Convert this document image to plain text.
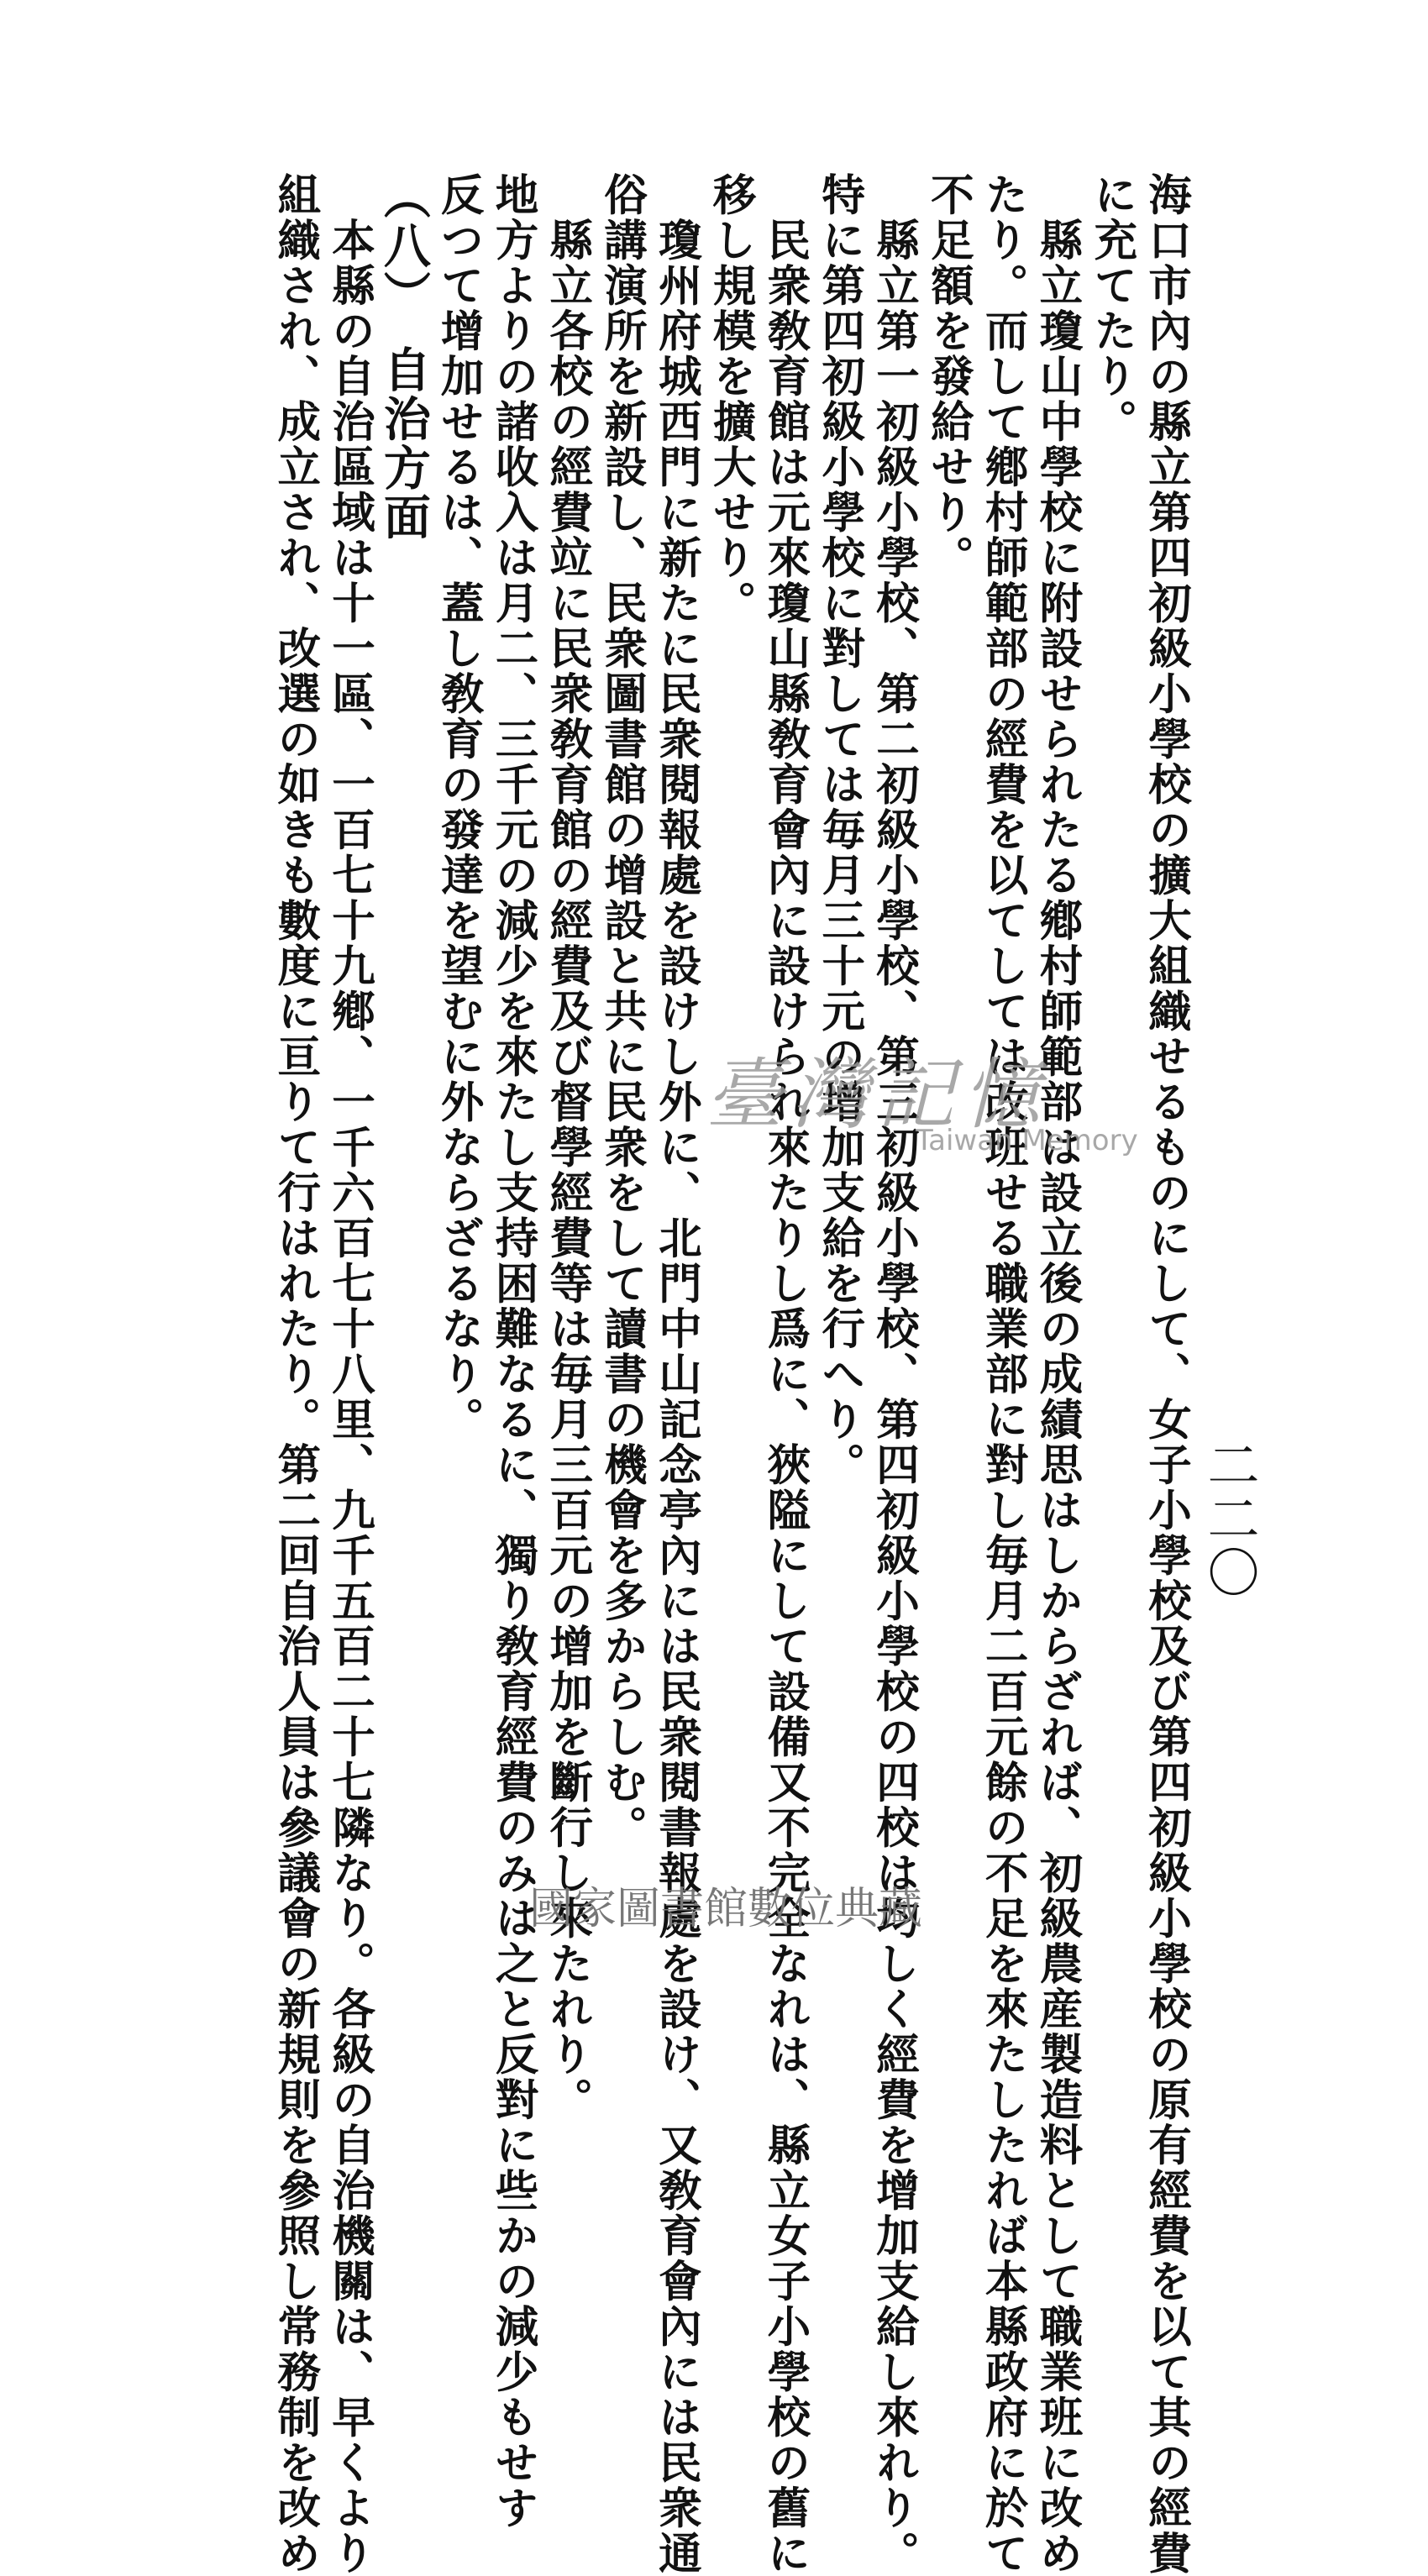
二二〇

海口市內の縣立第四初級小學校の擴大組織せるものにして、女子小學校及び第四初級小學校の原有經費を以て其の經費

に充てたり。

　縣立瓊山中學校に附設せられたる鄕村師範部は設立後の成績思はしからざれば、初級農産製造料として職業班に改め

たり。而して鄕村師範部の經費を以てしては改班せる職業部に對し毎月二百元餘の不足を來たしたれば本縣政府に於て

不足額を發給せり。

　縣立第一初級小學校、第二初級小學校、第三初級小學校、第四初級小學校の四校は均しく經費を增加支給し來れり。

特に第四初級小學校に對しては毎月三十元の增加支給を行へり。

　民衆敎育館は元來瓊山縣敎育會內に設けられ來たりし爲に、狹隘にして設備又不完全なれは、縣立女子小學校の舊に

移し規模を擴大せり。

　瓊州府城西門に新たに民衆閱報處を設けし外に、北門中山記念亭內には民衆閱書報處を設け、又敎育會內には民衆通

俗講演所を新設し、民衆圖書館の增設と共に民衆をして讀書の機會を多からしむ。

　縣立各校の經費竝に民衆敎育館の經費及び督學經費等は毎月三百元の增加を斷行し來たれり。

地方よりの諸收入は月二、三千元の減少を來たし支持困難なるに、獨り敎育經費のみは之と反對に些かの減少もせす

反つて增加せるは、蓋し敎育の發達を望むに外ならざるなり。

（八）　自治方面

　本縣の自治區域は十一區、一百七十九鄕、一千六百七十八里、九千五百二十七隣なり。各級の自治機關は、早くより

組織され、成立され、改選の如きも數度に亘りて行はれたり。第二回自治人員は參議會の新規則を參照し常務制を改め	臺灣記憶
Taiwan Memory
國家圖書館數位典藏
